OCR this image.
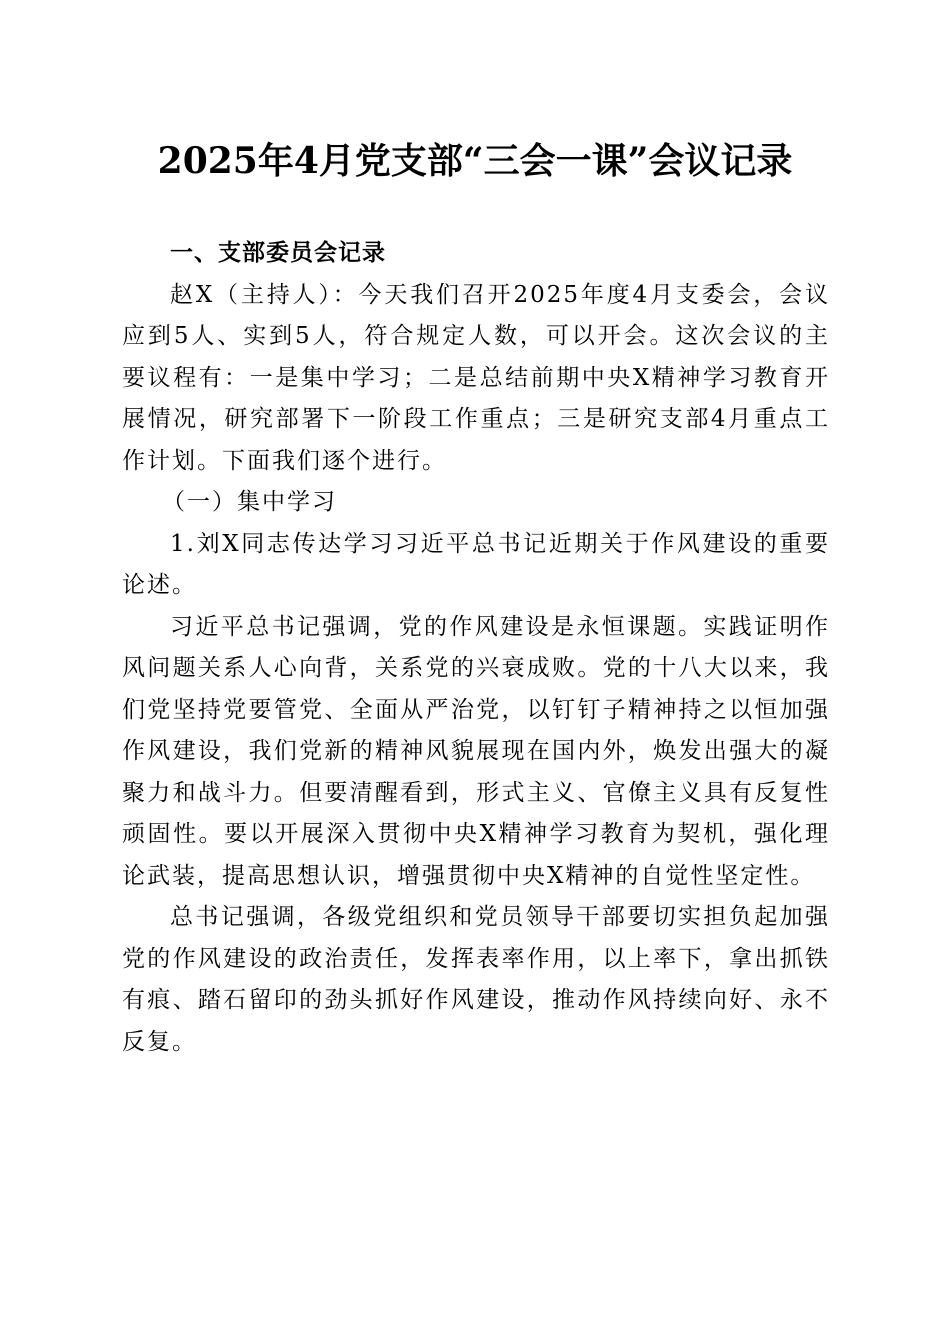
2025年4月党支部“三会一课”会议记录

一、支部委员会记录

赵X（主持人）：今天我们召开2025年度4月支委会，会议应到5人、实到5人，符合规定人数，可以开会。这次会议的主要议程有：一是集中学习；二是总结前期中央X精神学习教育开展情况，研究部署下一阶段工作重点；三是研究支部4月重点工作计划。下面我们逐个进行。

（一）集中学习

1.刘X同志传达学习习近平总书记近期关于作风建设的重要论述。

习近平总书记强调，党的作风建设是永恒课题。实践证明作风问题关系人心向背，关系党的兴衰成败。党的十八大以来，我们党坚持党要管党、全面从严治党，以钉钉子精神持之以恒加强作风建设，我们党新的精神风貌展现在国内外，焕发出强大的凝聚力和战斗力。但要清醒看到，形式主义、官僚主义具有反复性顽固性。要以开展深入贯彻中央X精神学习教育为契机，强化理论武装，提高思想认识，增强贯彻中央X精神的自觉性坚定性。

总书记强调，各级党组织和党员领导干部要切实担负起加强党的作风建设的政治责任，发挥表率作用，以上率下，拿出抓铁有痕、踏石留印的劲头抓好作风建设，推动作风持续向好、永不反复。
